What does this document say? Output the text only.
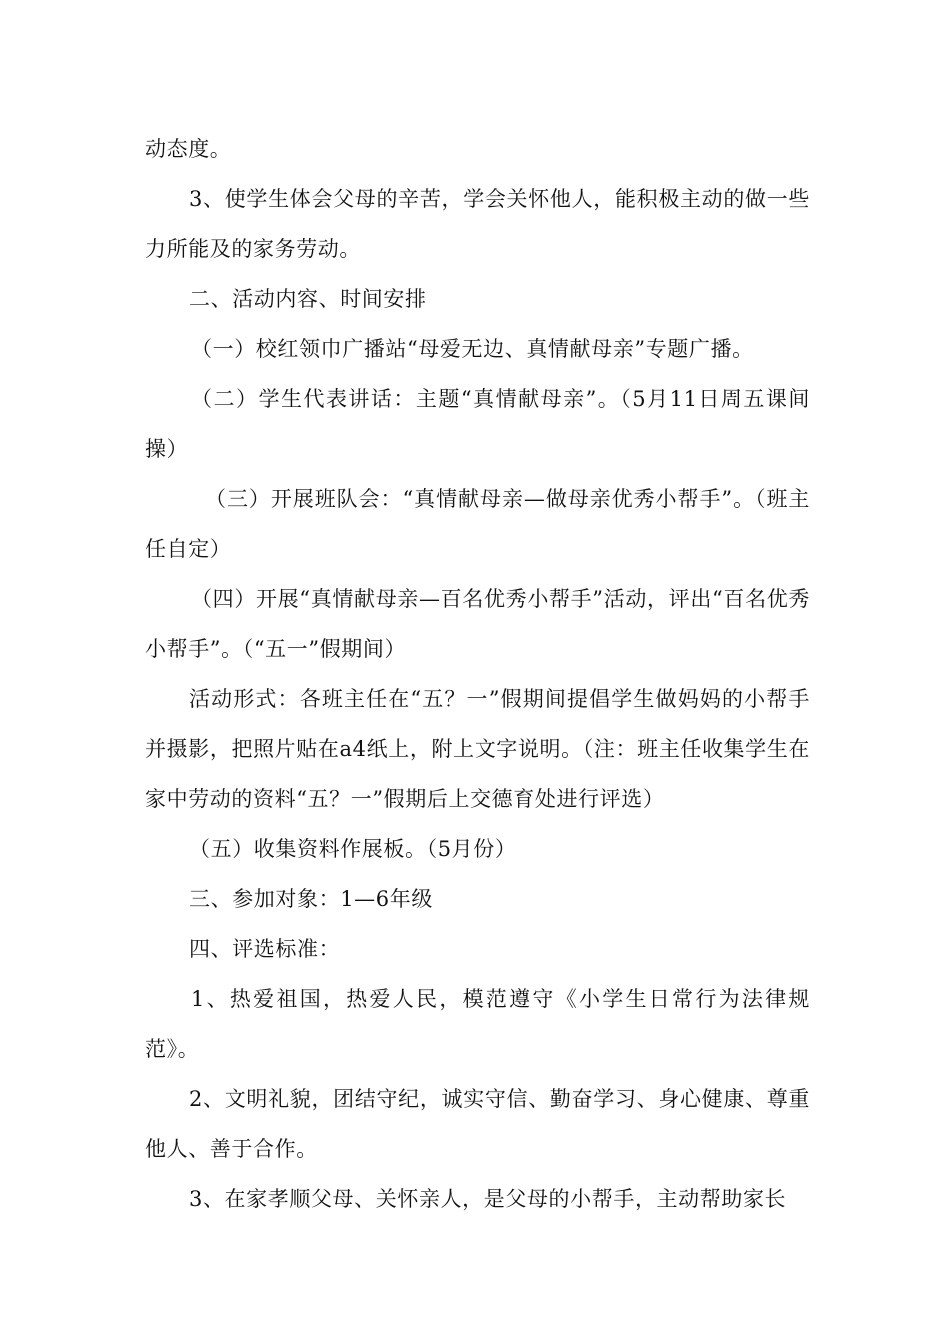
动态度。

3、使学生体会父母的辛苦，学会关怀他人，能积极主动的做一些力所能及的家务劳动。

二、活动内容、时间安排

（一）校红领巾广播站“母爱无边、真情献母亲”专题广播。

（二）学生代表讲话：主题“真情献母亲”。（5月11日周五课间操）

（三）开展班队会：“真情献母亲—做母亲优秀小帮手”。（班主任自定）

（四）开展“真情献母亲—百名优秀小帮手”活动，评出“百名优秀小帮手”。（“五一”假期间）

活动形式：各班主任在“五？一”假期间提倡学生做妈妈的小帮手并摄影，把照片贴在a4纸上，附上文字说明。（注：班主任收集学生在家中劳动的资料“五？一”假期后上交德育处进行评选）

（五）收集资料作展板。（5月份）

三、参加对象：1—6年级

四、评选标准：

1、热爱祖国，热爱人民，模范遵守《小学生日常行为法律规范》。

2、文明礼貌，团结守纪，诚实守信、勤奋学习、身心健康、尊重他人、善于合作。

3、在家孝顺父母、关怀亲人，是父母的小帮手，主动帮助家长
